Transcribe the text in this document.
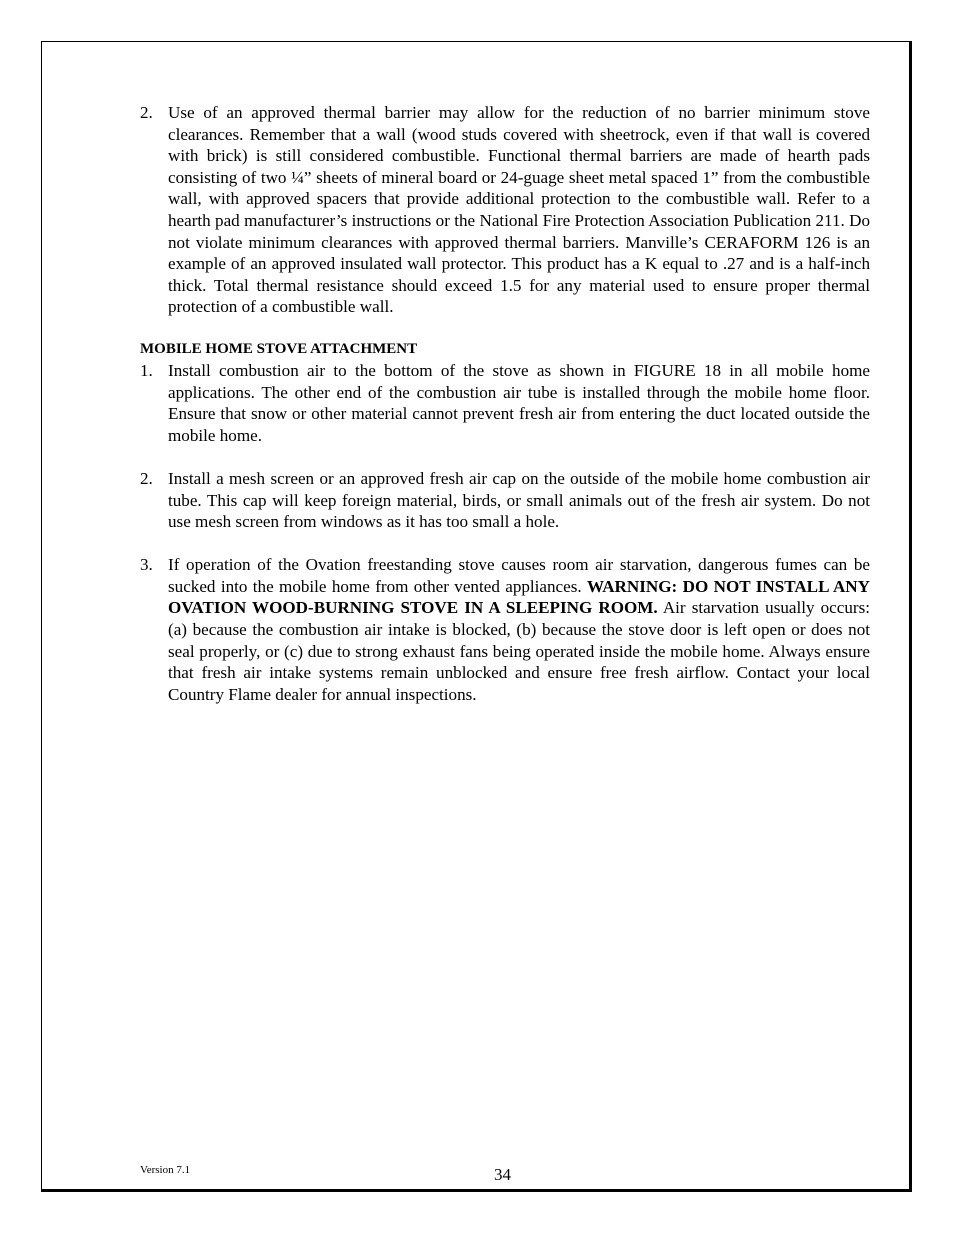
2. Use of an approved thermal barrier may allow for the reduction of no barrier minimum stove clearances. Remember that a wall (wood studs covered with sheetrock, even if that wall is covered with brick) is still considered combustible. Functional thermal barriers are made of hearth pads consisting of two ¼” sheets of mineral board or 24-guage sheet metal spaced 1” from the combustible wall, with approved spacers that provide additional protection to the combustible wall. Refer to a hearth pad manufacturer’s instructions or the National Fire Protection Association Publication 211. Do not violate minimum clearances with approved thermal barriers. Manville’s CERAFORM 126 is an example of an approved insulated wall protector. This product has a K equal to .27 and is a half-inch thick. Total thermal resistance should exceed 1.5 for any material used to ensure proper thermal protection of a combustible wall.
MOBILE HOME STOVE ATTACHMENT
1. Install combustion air to the bottom of the stove as shown in FIGURE 18 in all mobile home applications. The other end of the combustion air tube is installed through the mobile home floor. Ensure that snow or other material cannot prevent fresh air from entering the duct located outside the mobile home.
2. Install a mesh screen or an approved fresh air cap on the outside of the mobile home combustion air tube. This cap will keep foreign material, birds, or small animals out of the fresh air system. Do not use mesh screen from windows as it has too small a hole.
3. If operation of the Ovation freestanding stove causes room air starvation, dangerous fumes can be sucked into the mobile home from other vented appliances. WARNING: DO NOT INSTALL ANY OVATION WOOD-BURNING STOVE IN A SLEEPING ROOM. Air starvation usually occurs: (a) because the combustion air intake is blocked, (b) because the stove door is left open or does not seal properly, or (c) due to strong exhaust fans being operated inside the mobile home. Always ensure that fresh air intake systems remain unblocked and ensure free fresh airflow. Contact your local Country Flame dealer for annual inspections.
Version 7.1	34
